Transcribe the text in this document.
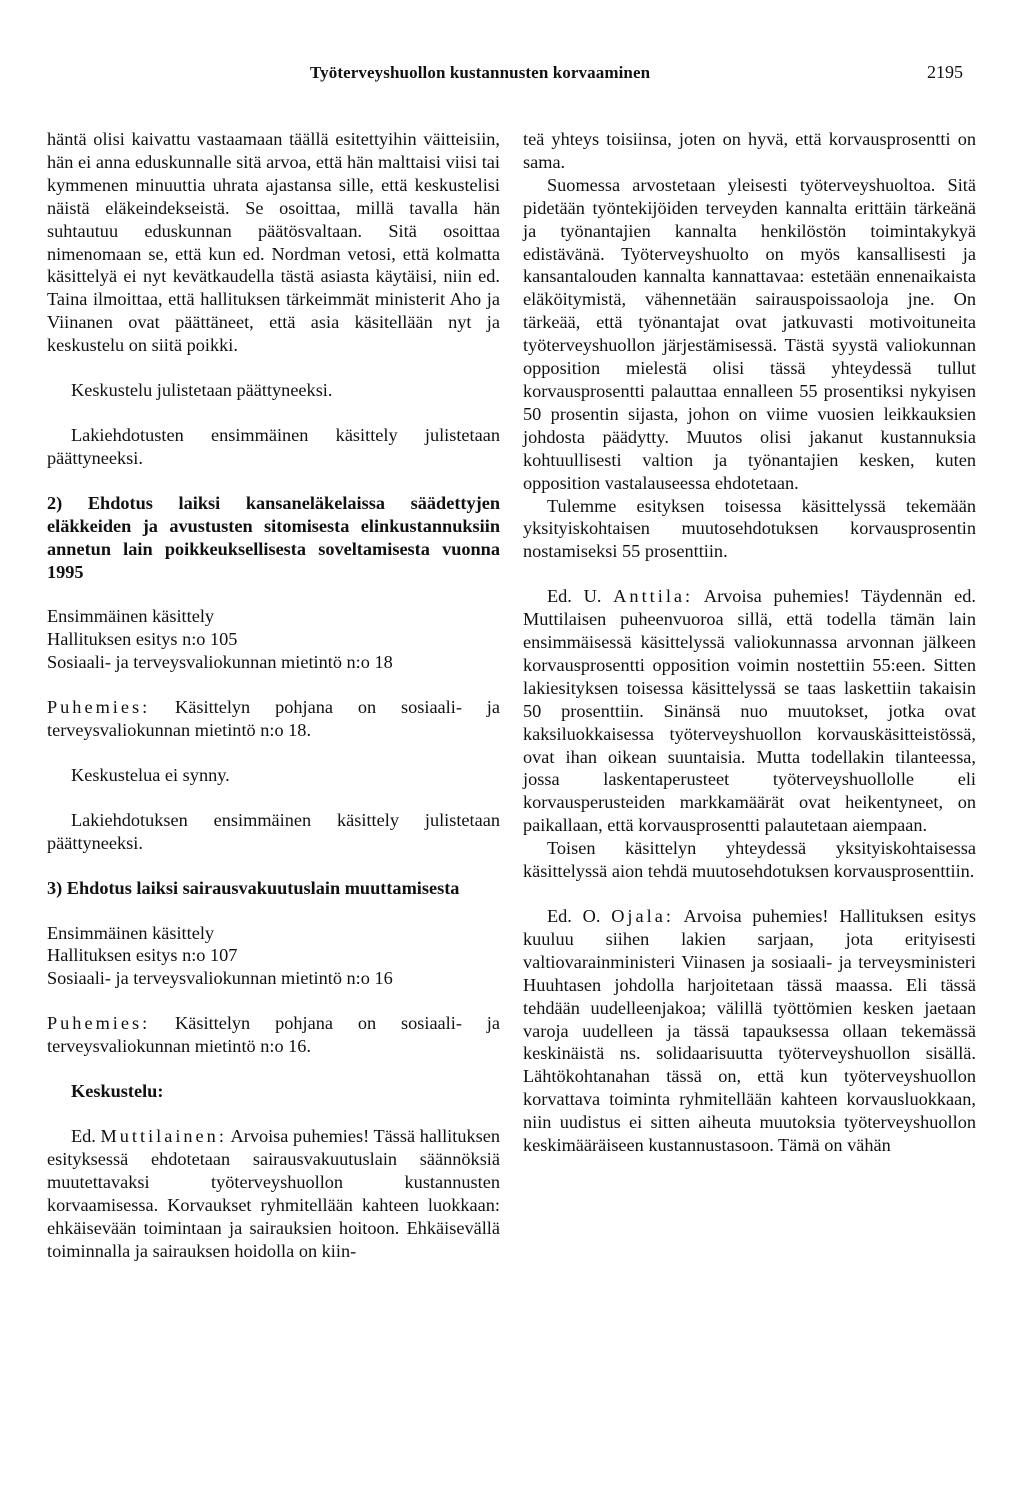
Työterveyshuollon kustannusten korvaaminen	2195

häntä olisi kaivattu vastaamaan täällä esitettyihin väitteisiin, hän ei anna eduskunnalle sitä arvoa, että hän malttaisi viisi tai kymmenen minuuttia uhrata ajastansa sille, että keskustelisi näistä eläkeindekseistä. Se osoittaa, millä tavalla hän suhtautuu eduskunnan päätösvaltaan. Sitä osoittaa nimenomaan se, että kun ed. Nordman vetosi, että kolmatta käsittelyä ei nyt kevätkaudella tästä asiasta käytäisi, niin ed. Taina ilmoittaa, että hallituksen tärkeimmät ministerit Aho ja Viinanen ovat päättäneet, että asia käsitellään nyt ja keskustelu on siitä poikki.

Keskustelu julistetaan päättyneeksi.

Lakiehdotusten ensimmäinen käsittely julistetaan päättyneeksi.

2) Ehdotus laiksi kansaneläkelaissa säädettyjen eläkkeiden ja avustusten sitomisesta elinkustannuksiin annetun lain poikkeuksellisesta soveltamisesta vuonna 1995

Ensimmäinen käsittely

Hallituksen esitys n:o 105

Sosiaali- ja terveysvaliokunnan mietintö n:o 18

Puhemies: Käsittelyn pohjana on sosiaali- ja terveysvaliokunnan mietintö n:o 18.

Keskustelua ei synny.

Lakiehdotuksen ensimmäinen käsittely julistetaan päättyneeksi.

3) Ehdotus laiksi sairausvakuutuslain muuttamisesta

Ensimmäinen käsittely

Hallituksen esitys n:o 107

Sosiaali- ja terveysvaliokunnan mietintö n:o 16

Puhemies: Käsittelyn pohjana on sosiaali- ja terveysvaliokunnan mietintö n:o 16.

Keskustelu:

Ed. Muttilainen: Arvoisa puhemies! Tässä hallituksen esityksessä ehdotetaan sairausvakuutuslain säännöksiä muutettavaksi työterveyshuollon kustannusten korvaamisessa. Korvaukset ryhmitellään kahteen luokkaan: ehkäisevään toimintaan ja sairauksien hoitoon. Ehkäisevällä toiminnalla ja sairauksen hoidolla on kiin-

teä yhteys toisiinsa, joten on hyvä, että korvausprosentti on sama.

Suomessa arvostetaan yleisesti työterveyshuoltoa. Sitä pidetään työntekijöiden terveyden kannalta erittäin tärkeänä ja työnantajien kannalta henkilöstön toimintakykyä edistävänä. Työterveyshuolto on myös kansallisesti ja kansantalouden kannalta kannattavaa: estetään ennenaikaista eläköitymistä, vähennetään sairauspoissaoloja jne. On tärkeää, että työnantajat ovat jatkuvasti motivoituneita työterveyshuollon järjestämisessä. Tästä syystä valiokunnan opposition mielestä olisi tässä yhteydessä tullut korvausprosentti palauttaa ennalleen 55 prosentiksi nykyisen 50 prosentin sijasta, johon on viime vuosien leikkauksien johdosta päädytty. Muutos olisi jakanut kustannuksia kohtuullisesti valtion ja työnantajien kesken, kuten opposition vastalauseessa ehdotetaan.

Tulemme esityksen toisessa käsittelyssä tekemään yksityiskohtaisen muutosehdotuksen korvausprosentin nostamiseksi 55 prosenttiin.

Ed. U. Anttila: Arvoisa puhemies! Täydennän ed. Muttilaisen puheenvuoroa sillä, että todella tämän lain ensimmäisessä käsittelyssä valiokunnassa arvonnan jälkeen korvausprosentti opposition voimin nostettiin 55:een. Sitten lakiesityksen toisessa käsittelyssä se taas laskettiin takaisin 50 prosenttiin. Sinänsä nuo muutokset, jotka ovat kaksiluokkaisessa työterveyshuollon korvauskäsitteistössä, ovat ihan oikean suuntaisia. Mutta todellakin tilanteessa, jossa laskentaperusteet työterveyshuollolle eli korvausperusteiden markkamäärät ovat heikentyneet, on paikallaan, että korvausprosentti palautetaan aiempaan.

Toisen käsittelyn yhteydessä yksityiskohtaisessa käsittelyssä aion tehdä muutosehdotuksen korvausprosenttiin.

Ed. O. Ojala: Arvoisa puhemies! Hallituksen esitys kuuluu siihen lakien sarjaan, jota erityisesti valtiovarainministeri Viinasen ja sosiaali- ja terveysministeri Huuhtasen johdolla harjoitetaan tässä maassa. Eli tässä tehdään uudelleenjakoa; välillä työttömien kesken jaetaan varoja uudelleen ja tässä tapauksessa ollaan tekemässä keskinäistä ns. solidaarisuutta työterveyshuollon sisällä. Lähtökohtanahan tässä on, että kun työterveyshuollon korvattava toiminta ryhmitellään kahteen korvausluokkaan, niin uudistus ei sitten aiheuta muutoksia työterveyshuollon keskimääräiseen kustannustasoon. Tämä on vähän
